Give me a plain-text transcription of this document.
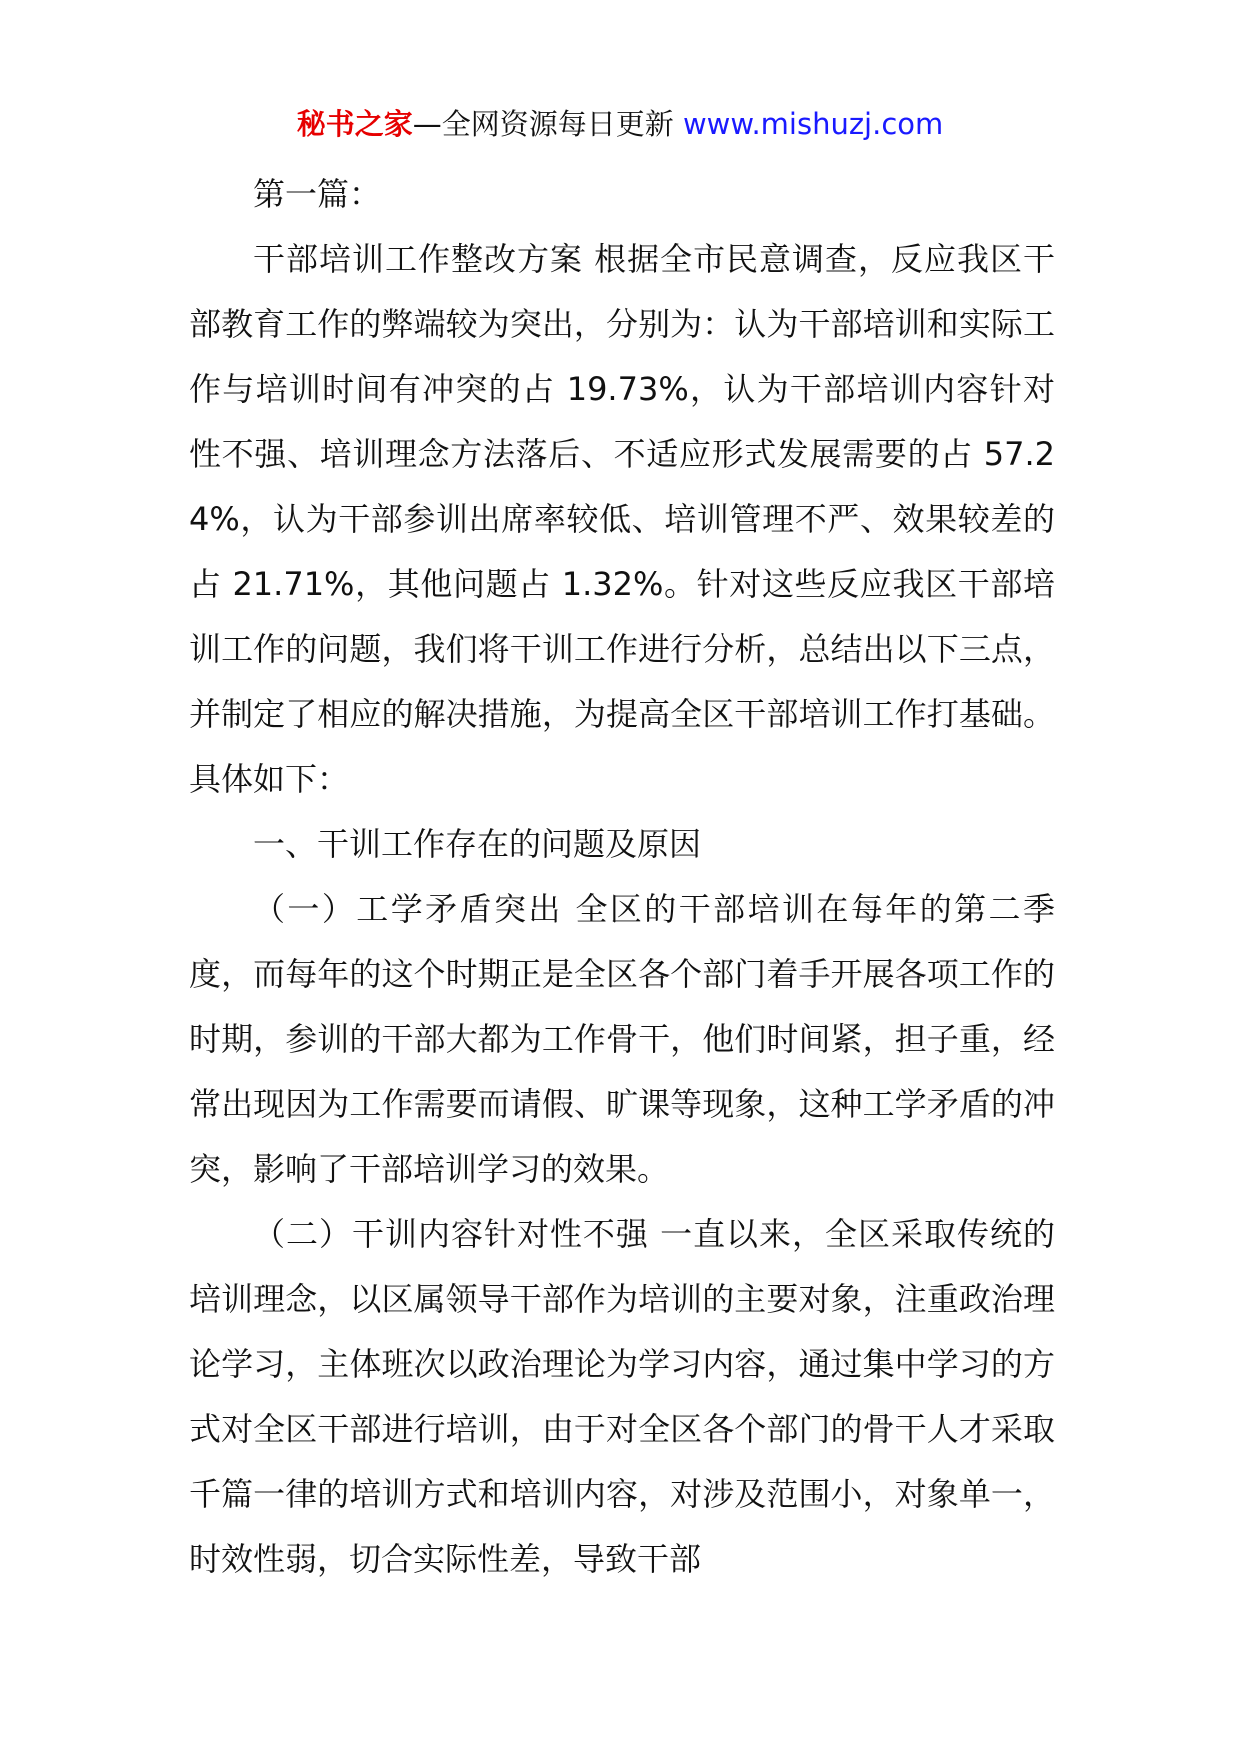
秘书之家—全网资源每日更新 www.mishuzj.com

第一篇：

干部培训工作整改方案 根据全市民意调查，反应我区干部教育工作的弊端较为突出，分别为：认为干部培训和实际工作与培训时间有冲突的占 19.73%，认为干部培训内容针对性不强、培训理念方法落后、不适应形式发展需要的占 57.24%，认为干部参训出席率较低、培训管理不严、效果较差的占 21.71%，其他问题占 1.32%。针对这些反应我区干部培训工作的问题，我们将干训工作进行分析，总结出以下三点，并制定了相应的解决措施，为提高全区干部培训工作打基础。具体如下：

一、干训工作存在的问题及原因

（一）工学矛盾突出 全区的干部培训在每年的第二季度，而每年的这个时期正是全区各个部门着手开展各项工作的时期，参训的干部大都为工作骨干，他们时间紧，担子重，经常出现因为工作需要而请假、旷课等现象，这种工学矛盾的冲突，影响了干部培训学习的效果。

（二）干训内容针对性不强 一直以来，全区采取传统的培训理念，以区属领导干部作为培训的主要对象，注重政治理论学习，主体班次以政治理论为学习内容，通过集中学习的方式对全区干部进行培训，由于对全区各个部门的骨干人才采取千篇一律的培训方式和培训内容，对涉及范围小，对象单一，时效性弱，切合实际性差，导致干部
